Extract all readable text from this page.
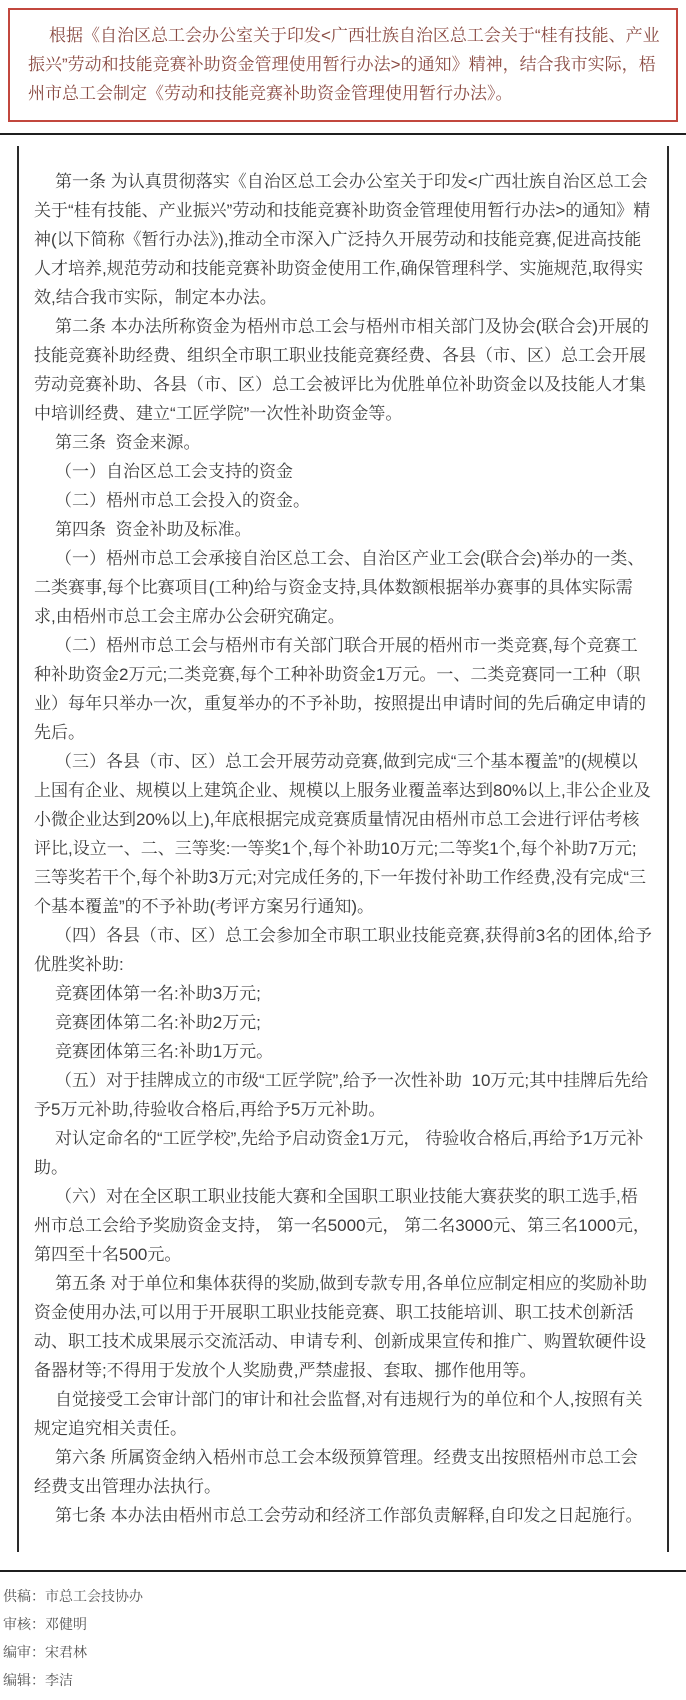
根据《自治区总工会办公室关于印发<广西壮族自治区总工会关于“桂有技能、产业振兴”劳动和技能竞赛补助资金管理使用暂行办法>的通知》精神，结合我市实际，梧州市总工会制定《劳动和技能竞赛补助资金管理使用暂行办法》。

第一条 为认真贯彻落实《自治区总工会办公室关于印发<广西壮族自治区总工会关于“桂有技能、产业振兴”劳动和技能竞赛补助资金管理使用暂行办法>的通知》精神(以下简称《暂行办法》),推动全市深入广泛持久开展劳动和技能竞赛,促进高技能人才培养,规范劳动和技能竞赛补助资金使用工作,确保管理科学、实施规范,取得实效,结合我市实际，制定本办法。

第二条 本办法所称资金为梧州市总工会与梧州市相关部门及协会(联合会)开展的技能竞赛补助经费、组织全市职工职业技能竞赛经费、各县（市、区）总工会开展劳动竞赛补助、各县（市、区）总工会被评比为优胜单位补助资金以及技能人才集中培训经费、建立“工匠学院”一次性补助资金等。

第三条  资金来源。

（一）自治区总工会支持的资金

（二）梧州市总工会投入的资金。

第四条  资金补助及标准。

（一）梧州市总工会承接自治区总工会、自治区产业工会(联合会)举办的一类、二类赛事,每个比赛项目(工种)给与资金支持,具体数额根据举办赛事的具体实际需求,由梧州市总工会主席办公会研究确定。

（二）梧州市总工会与梧州市有关部门联合开展的梧州市一类竞赛,每个竞赛工种补助资金2万元;二类竞赛,每个工种补助资金1万元。一、二类竞赛同一工种（职业）每年只举办一次，重复举办的不予补助，按照提出申请时间的先后确定申请的先后。

（三）各县（市、区）总工会开展劳动竞赛,做到完成“三个基本覆盖”的(规模以上国有企业、规模以上建筑企业、规模以上服务业覆盖率达到80%以上,非公企业及小微企业达到20%以上),年底根据完成竞赛质量情况由梧州市总工会进行评估考核评比,设立一、二、三等奖:一等奖1个,每个补助10万元;二等奖1个,每个补助7万元;三等奖若干个,每个补助3万元;对完成任务的,下一年拨付补助工作经费,没有完成“三个基本覆盖”的不予补助(考评方案另行通知)。

（四）各县（市、区）总工会参加全市职工职业技能竞赛,获得前3名的团体,给予优胜奖补助:

竞赛团体第一名:补助3万元;

竞赛团体第二名:补助2万元;

竞赛团体第三名:补助1万元。

（五）对于挂牌成立的市级“工匠学院”,给予一次性补助  10万元;其中挂牌后先给予5万元补助,待验收合格后,再给予5万元补助。

对认定命名的“工匠学校”,先给予启动资金1万元， 待验收合格后,再给予1万元补助。

（六）对在全区职工职业技能大赛和全国职工职业技能大赛获奖的职工选手,梧州市总工会给予奖励资金支持， 第一名5000元， 第二名3000元、第三名1000元，第四至十名500元。

第五条 对于单位和集体获得的奖励,做到专款专用,各单位应制定相应的奖励补助资金使用办法,可以用于开展职工职业技能竞赛、职工技能培训、职工技术创新活动、职工技术成果展示交流活动、申请专利、创新成果宣传和推广、购置软硬件设备器材等;不得用于发放个人奖励费,严禁虚报、套取、挪作他用等。

自觉接受工会审计部门的审计和社会监督,对有违规行为的单位和个人,按照有关规定追究相关责任。

第六条 所属资金纳入梧州市总工会本级预算管理。经费支出按照梧州市总工会经费支出管理办法执行。

第七条 本办法由梧州市总工会劳动和经济工作部负责解释,自印发之日起施行。

供稿：市总工会技协办

审核：邓健明

编审：宋君林

编辑：李洁
